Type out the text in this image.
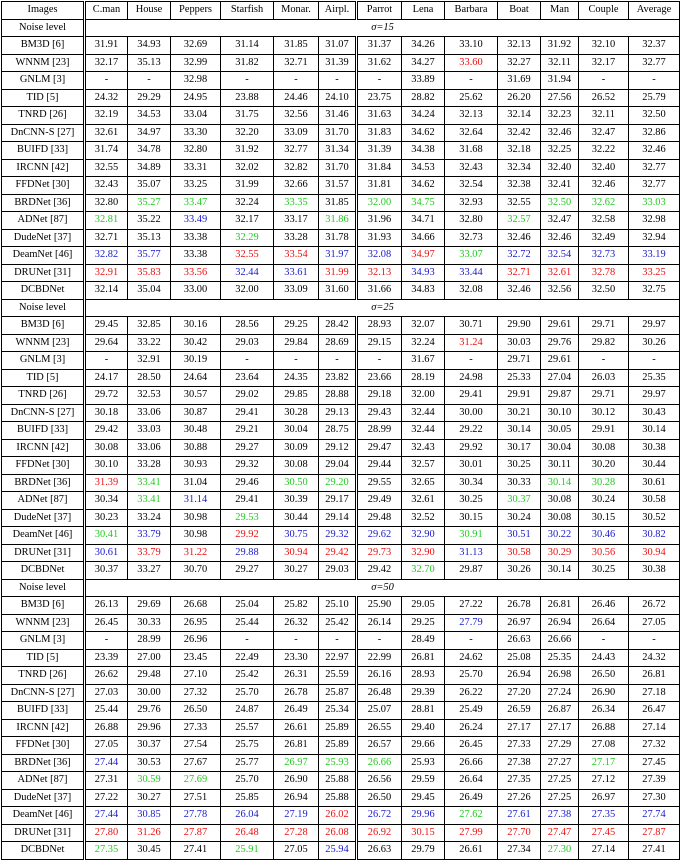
Images	C.man	House	Peppers	Starfish	Monar.	Airpl.	Parrot	Lena	Barbara	Boat	Man	Couple	Average
Noise level	σ=15												
BM3D [6]	31.91	34.93	32.69	31.14	31.85	31.07	31.37	34.26	33.10	32.13	31.92	32.10	32.37
WNNM [23]	32.17	35.13	32.99	31.82	32.71	31.39	31.62	34.27	33.60	32.27	32.11	32.17	32.77
GNLM [3]	-	-	32.98	-	-	-	-	33.89	-	31.69	31.94	-	-
TID [5]	24.32	29.29	24.95	23.88	24.46	24.10	23.75	28.82	25.62	26.20	27.56	26.52	25.79
TNRD [26]	32.19	34.53	33.04	31.75	32.56	31.46	31.63	34.24	32.13	32.14	32.23	32.11	32.50
DnCNN-S [27]	32.61	34.97	33.30	32.20	33.09	31.70	31.83	34.62	32.64	32.42	32.46	32.47	32.86
BUIFD [33]	31.74	34.78	32.80	31.92	32.77	31.34	31.39	34.38	31.68	32.18	32.25	32.22	32.46
IRCNN [42]	32.55	34.89	33.31	32.02	32.82	31.70	31.84	34.53	32.43	32.34	32.40	32.40	32.77
FFDNet [30]	32.43	35.07	33.25	31.99	32.66	31.57	31.81	34.62	32.54	32.38	32.41	32.46	32.77
BRDNet [36]	32.80	35.27	33.47	32.24	33.35	31.85	32.00	34.75	32.93	32.55	32.50	32.62	33.03
ADNet [87]	32.81	35.22	33.49	32.17	33.17	31.86	31.96	34.71	32.80	32.57	32.47	32.58	32.98
DudeNet [37]	32.71	35.13	33.38	32.29	33.28	31.78	31.93	34.66	32.73	32.46	32.46	32.49	32.94
DeamNet [46]	32.82	35.77	33.38	32.55	33.54	31.97	32.08	34.97	33.07	32.72	32.54	32.73	33.19
DRUNet [31]	32.91	35.83	33.56	32.44	33.61	31.99	32.13	34.93	33.44	32.71	32.61	32.78	33.25
DCBDNet	32.14	35.04	33.00	32.00	33.09	31.60	31.66	34.83	32.08	32.46	32.56	32.50	32.75
Noise level	σ=25												
BM3D [6]	29.45	32.85	30.16	28.56	29.25	28.42	28.93	32.07	30.71	29.90	29.61	29.71	29.97
WNNM [23]	29.64	33.22	30.42	29.03	29.84	28.69	29.15	32.24	31.24	30.03	29.76	29.82	30.26
GNLM [3]	-	32.91	30.19	-	-	-	-	31.67	-	29.71	29.61	-	-
TID [5]	24.17	28.50	24.64	23.64	24.35	23.82	23.66	28.19	24.98	25.33	27.04	26.03	25.35
TNRD [26]	29.72	32.53	30.57	29.02	29.85	28.88	29.18	32.00	29.41	29.91	29.87	29.71	29.97
DnCNN-S [27]	30.18	33.06	30.87	29.41	30.28	29.13	29.43	32.44	30.00	30.21	30.10	30.12	30.43
BUIFD [33]	29.42	33.03	30.48	29.21	30.04	28.75	28.99	32.44	29.22	30.14	30.05	29.91	30.14
IRCNN [42]	30.08	33.06	30.88	29.27	30.09	29.12	29.47	32.43	29.92	30.17	30.04	30.08	30.38
FFDNet [30]	30.10	33.28	30.93	29.32	30.08	29.04	29.44	32.57	30.01	30.25	30.11	30.20	30.44
BRDNet [36]	31.39	33.41	31.04	29.46	30.50	29.20	29.55	32.65	30.34	30.33	30.14	30.28	30.61
ADNet [87]	30.34	33.41	31.14	29.41	30.39	29.17	29.49	32.61	30.25	30.37	30.08	30.24	30.58
DudeNet [37]	30.23	33.24	30.98	29.53	30.44	29.14	29.48	32.52	30.15	30.24	30.08	30.15	30.52
DeamNet [46]	30.41	33.79	30.98	29.92	30.75	29.32	29.62	32.90	30.91	30.51	30.22	30.46	30.82
DRUNet [31]	30.61	33.79	31.22	29.88	30.94	29.42	29.73	32.90	31.13	30.58	30.29	30.56	30.94
DCBDNet	30.37	33.27	30.70	29.27	30.27	29.03	29.42	32.70	29.87	30.26	30.14	30.25	30.38
Noise level	σ=50												
BM3D [6]	26.13	29.69	26.68	25.04	25.82	25.10	25.90	29.05	27.22	26.78	26.81	26.46	26.72
WNNM [23]	26.45	30.33	26.95	25.44	26.32	25.42	26.14	29.25	27.79	26.97	26.94	26.64	27.05
GNLM [3]	-	28.99	26.96	-	-	-	-	28.49	-	26.63	26.66	-	-
TID [5]	23.39	27.00	23.45	22.49	23.30	22.97	22.99	26.81	24.62	25.08	25.35	24.43	24.32
TNRD [26]	26.62	29.48	27.10	25.42	26.31	25.59	26.16	28.93	25.70	26.94	26.98	26.50	26.81
DnCNN-S [27]	27.03	30.00	27.32	25.70	26.78	25.87	26.48	29.39	26.22	27.20	27.24	26.90	27.18
BUIFD [33]	25.44	29.76	26.50	24.87	26.49	25.34	25.07	28.81	25.49	26.59	26.87	26.34	26.47
IRCNN [42]	26.88	29.96	27.33	25.57	26.61	25.89	26.55	29.40	26.24	27.17	27.17	26.88	27.14
FFDNet [30]	27.05	30.37	27.54	25.75	26.81	25.89	26.57	29.66	26.45	27.33	27.29	27.08	27.32
BRDNet [36]	27.44	30.53	27.67	25.77	26.97	25.93	26.66	25.93	26.66	27.38	27.27	27.17	27.45
ADNet [87]	27.31	30.59	27.69	25.70	26.90	25.88	26.56	29.59	26.64	27.35	27.25	27.12	27.39
DudeNet [37]	27.22	30.27	27.51	25.85	26.94	25.88	26.50	29.45	26.49	27.26	27.25	26.97	27.30
DeamNet [46]	27.44	30.85	27.78	26.04	27.19	26.02	26.72	29.96	27.62	27.61	27.38	27.35	27.74
DRUNet [31]	27.80	31.26	27.87	26.48	27.28	26.08	26.92	30.15	27.99	27.70	27.47	27.45	27.87
DCBDNet	27.35	30.45	27.41	25.91	27.05	25.94	26.63	29.79	26.61	27.34	27.30	27.14	27.41
